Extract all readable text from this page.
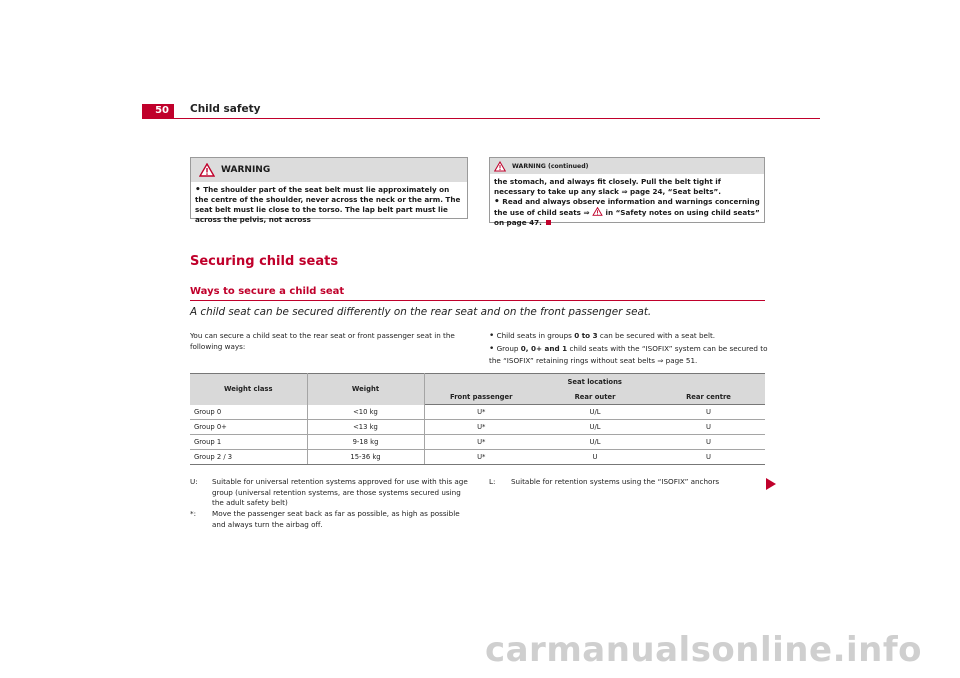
50	Child safety
WARNING
• The shoulder part of the seat belt must lie approximately on the centre of the shoulder, never across the neck or the arm. The seat belt must lie close to the torso. The lap belt part must lie across the pelvis, not across
WARNING (continued)
the stomach, and always fit closely. Pull the belt tight if necessary to take up any slack ⇒ page 24, “Seat belts”.
• Read and always observe information and warnings concerning the use of child seats ⇒ in “Safety notes on using child seats” on page 47.
Securing child seats
Ways to secure a child seat
A child seat can be secured differently on the rear seat and on the front passenger seat.
You can secure a child seat to the rear seat or front passenger seat in the following ways:

• Child seats in groups 0 to 3 can be secured with a seat belt.

• Group 0, 0+ and 1 child seats with the “ISOFIX” system can be secured to the “ISOFIX” retaining rings without seat belts ⇒ page 51.

Weight class	Weight	Seat locations		
		Front passenger	Rear outer	Rear centre
Group 0	<10 kg	U*	U/L	U
Group 0+	<13 kg	U*	U/L	U
Group 1	9-18 kg	U*	U/L	U
Group 2 / 3	15-36 kg	U*	U	U
U:	Suitable for universal retention systems approved for use with this age group (universal retention systems, are those systems secured using the adult safety belt)
*:	Move the passenger seat back as far as possible, as high as possible and always turn the airbag off.
L:	Suitable for retention systems using the “ISOFIX” anchors
carmanualsonline.info
